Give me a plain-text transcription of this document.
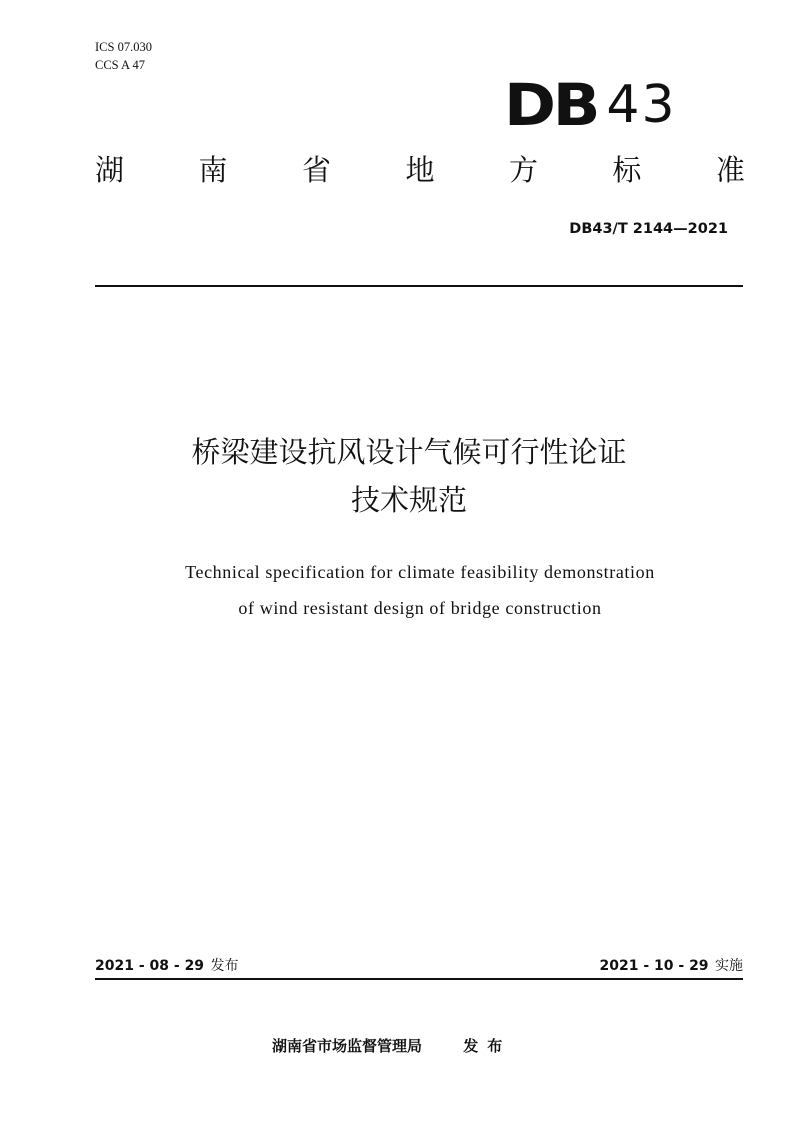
ICS 07.030
CCS A 47
DB 43
湖	南	省	地	方	标	准
DB43/T 2144—2021
桥梁建设抗风设计气候可行性论证
技术规范
Technical specification for climate feasibility demonstration
of wind resistant design of bridge construction
2021 - 08 - 29 发布	2021 - 10 - 29 实施
湖南省市场监督管理局	发布
